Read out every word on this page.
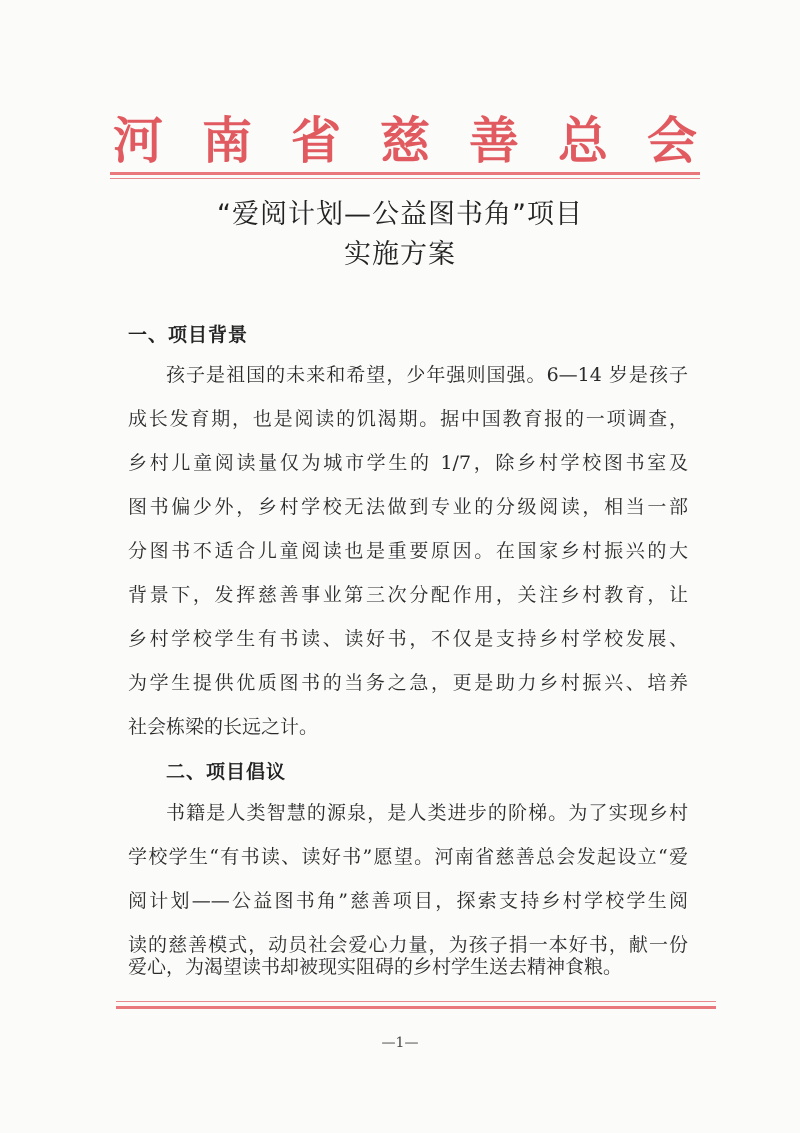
河 南 省 慈 善 总 会
“爱阅计划—公益图书角”项目
实施方案
一、项目背景
孩子是祖国的未来和希望，少年强则国强。6—14 岁是孩子
成长发育期，也是阅读的饥渴期。据中国教育报的一项调查，
乡村儿童阅读量仅为城市学生的 1/7，除乡村学校图书室及
图书偏少外，乡村学校无法做到专业的分级阅读，相当一部
分图书不适合儿童阅读也是重要原因。在国家乡村振兴的大
背景下，发挥慈善事业第三次分配作用，关注乡村教育，让
乡村学校学生有书读、读好书，不仅是支持乡村学校发展、
为学生提供优质图书的当务之急，更是助力乡村振兴、培养
社会栋梁的长远之计。
二、项目倡议
书籍是人类智慧的源泉，是人类进步的阶梯。为了实现乡村
学校学生“有书读、读好书”愿望。河南省慈善总会发起设立“爱
阅计划——公益图书角”慈善项目，探索支持乡村学校学生阅
读的慈善模式，动员社会爱心力量，为孩子捐一本好书，献一份
爱心，为渴望读书却被现实阻碍的乡村学生送去精神食粮。
—1—
